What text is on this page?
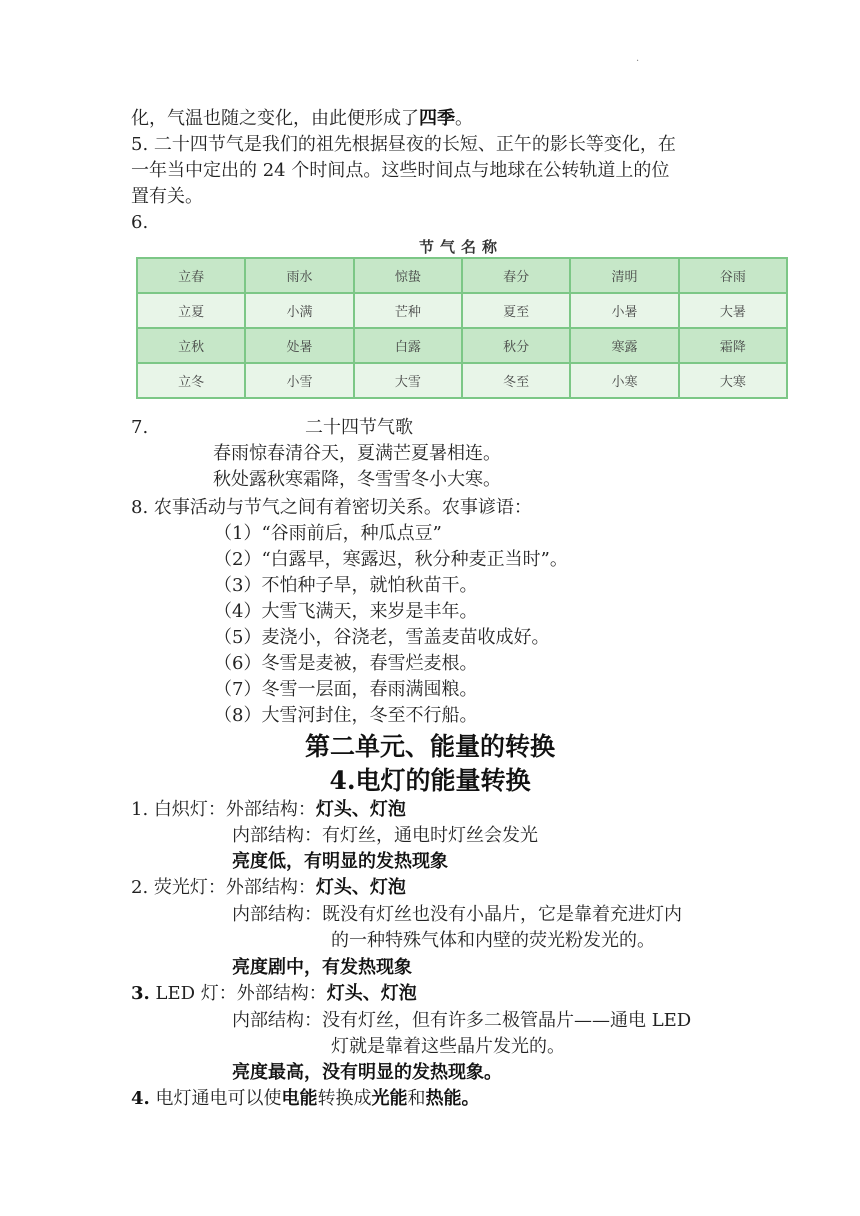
·
化，气温也随之变化，由此便形成了四季。
5. 二十四节气是我们的祖先根据昼夜的长短、正午的影长等变化，在
一年当中定出的 24 个时间点。这些时间点与地球在公转轨道上的位
置有关。
6.
节气名称
立春	雨水	惊蛰	春分	清明	谷雨
立夏	小满	芒种	夏至	小暑	大暑
立秋	处暑	白露	秋分	寒露	霜降
立冬	小雪	大雪	冬至	小寒	大寒
7.	二十四节气歌
春雨惊春清谷天，夏满芒夏暑相连。
秋处露秋寒霜降，冬雪雪冬小大寒。
8. 农事活动与节气之间有着密切关系。农事谚语：
（1）“谷雨前后，种瓜点豆”
（2）“白露早，寒露迟，秋分种麦正当时”。
（3）不怕种子旱，就怕秋苗干。
（4）大雪飞满天，来岁是丰年。
（5）麦浇小，谷浇老，雪盖麦苗收成好。
（6）冬雪是麦被，春雪烂麦根。
（7）冬雪一层面，春雨满囤粮。
（8）大雪河封住，冬至不行船。
第二单元、能量的转换
4.电灯的能量转换
1. 白炽灯：外部结构：灯头、灯泡
内部结构：有灯丝，通电时灯丝会发光
亮度低，有明显的发热现象
2. 荧光灯：外部结构：灯头、灯泡
内部结构：既没有灯丝也没有小晶片，它是靠着充进灯内
的一种特殊气体和内壁的荧光粉发光的。
亮度剧中，有发热现象
3. LED 灯：外部结构：灯头、灯泡
内部结构：没有灯丝，但有许多二极管晶片——通电 LED
灯就是靠着这些晶片发光的。
亮度最高，没有明显的发热现象。
4. 电灯通电可以使电能转换成光能和热能。
